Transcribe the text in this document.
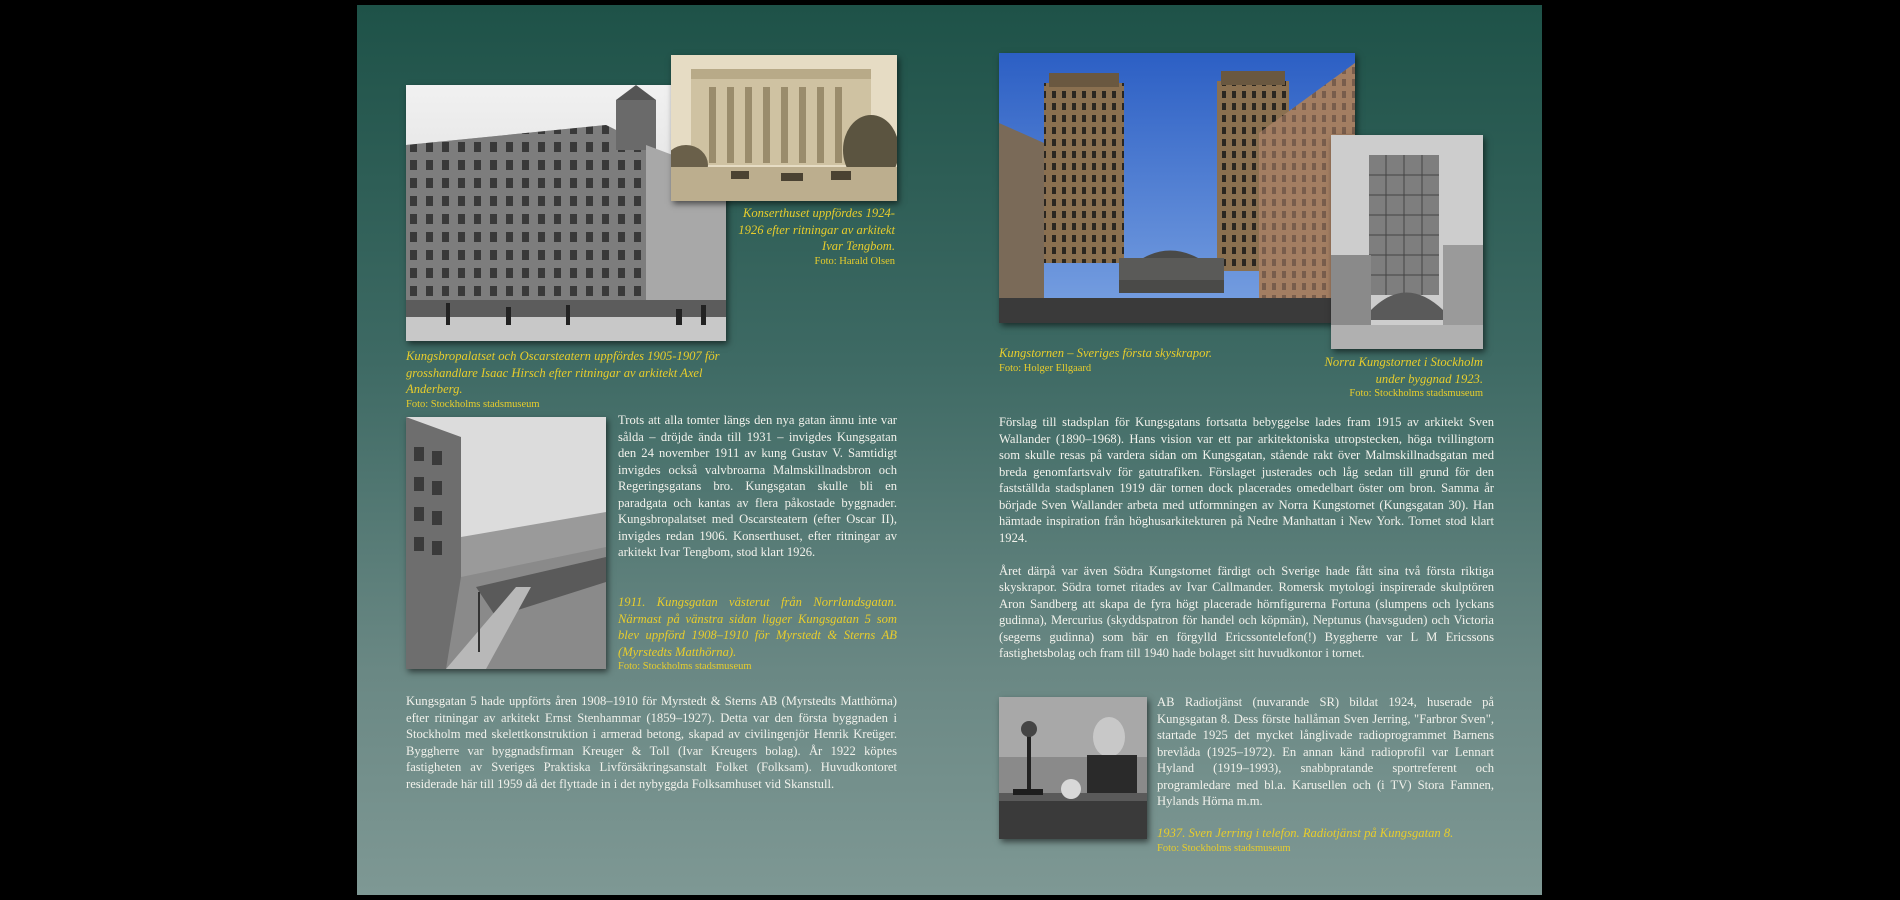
Konserthuset uppfördes 1924-1926 efter ritningar av arkitekt Ivar Tengbom.
Foto: Harald Olsen
Kungsbropalatset och Oscarsteatern uppfördes 1905-1907 för grosshandlare Isaac Hirsch efter ritningar av arkitekt Axel Anderberg.
Foto: Stockholms stadsmuseum

Trots att alla tomter längs den nya gatan ännu inte var sålda – dröjde ända till 1931 – invigdes Kungsgatan den 24 november 1911 av kung Gustav V. Samtidigt invigdes också valvbroarna Malmskillnadsbron och Regeringsgatans bro. Kungsgatan skulle bli en paradgata och kantas av flera påkostade byggnader. Kungsbropalatset med Oscarsteatern (efter Oscar II), invigdes redan 1906. Konserthuset, efter ritningar av arkitekt Ivar Tengbom, stod klart 1926.

1911. Kungsgatan västerut från Norrlandsgatan. Närmast på vänstra sidan ligger Kungsgatan 5 som blev uppförd 1908–1910 för Myrstedt & Sterns AB (Myrstedts Matthörna).
Foto: Stockholms stadsmuseum

Kungsgatan 5 hade uppförts åren 1908–1910 för Myrstedt & Sterns AB (Myrstedts Matthörna) efter ritningar av arkitekt Ernst Stenhammar (1859–1927). Detta var den första byggnaden i Stockholm med skelettkonstruktion i armerad betong, skapad av civilingenjör Henrik Kreüger. Byggherre var byggnadsfirman Kreuger & Toll (Ivar Kreugers bolag). År 1922 köptes fastigheten av Sveriges Praktiska Livförsäkringsanstalt Folket (Folksam). Huvudkontoret residerade här till 1959 då det flyttade in i det nybyggda Folksamhuset vid Skanstull.

Kungstornen – Sveriges första skyskrapor.
Foto: Holger Ellgaard	Norra Kungstornet i Stockholm under byggnad 1923.
Foto: Stockholms stadsmuseum

Förslag till stadsplan för Kungsgatans fortsatta bebyggelse lades fram 1915 av arkitekt Sven Wallander (1890–1968). Hans vision var ett par arkitektoniska utropstecken, höga tvillingtorn som skulle resas på vardera sidan om Kungsgatan, stående rakt över Malmskillnadsgatan med breda genomfartsvalv för gatutrafiken. Förslaget justerades och låg sedan till grund för den fastställda stadsplanen 1919 där tornen dock placerades omedelbart öster om bron. Samma år började Sven Wallander arbeta med utformningen av Norra Kungstornet (Kungsgatan 30). Han hämtade inspiration från höghusarkitekturen på Nedre Manhattan i New York. Tornet stod klart 1924.

Året därpå var även Södra Kungstornet färdigt och Sverige hade fått sina två första riktiga skyskrapor. Södra tornet ritades av Ivar Callmander. Romersk mytologi inspirerade skulptören Aron Sandberg att skapa de fyra högt placerade hörnfigurerna Fortuna (slumpens och lyckans gudinna), Mercurius (skyddspatron för handel och köpmän), Neptunus (havsguden) och Victoria (segerns gudinna) som bär en förgylld Ericssontelefon(!) Byggherre var L M Ericssons fastighetsbolag och fram till 1940 hade bolaget sitt huvudkontor i tornet.

AB Radiotjänst (nuvarande SR) bildat 1924, huserade på Kungsgatan 8. Dess förste hallåman Sven Jerring, "Farbror Sven", startade 1925 det mycket långlivade radioprogrammet Barnens brevlåda (1925–1972). En annan känd radioprofil var Lennart Hyland (1919–1993), snabbpratande sportreferent och programledare med bl.a. Karusellen och (i TV) Stora Famnen, Hylands Hörna m.m.

1937. Sven Jerring i telefon. Radiotjänst på Kungsgatan 8.
Foto: Stockholms stadsmuseum
